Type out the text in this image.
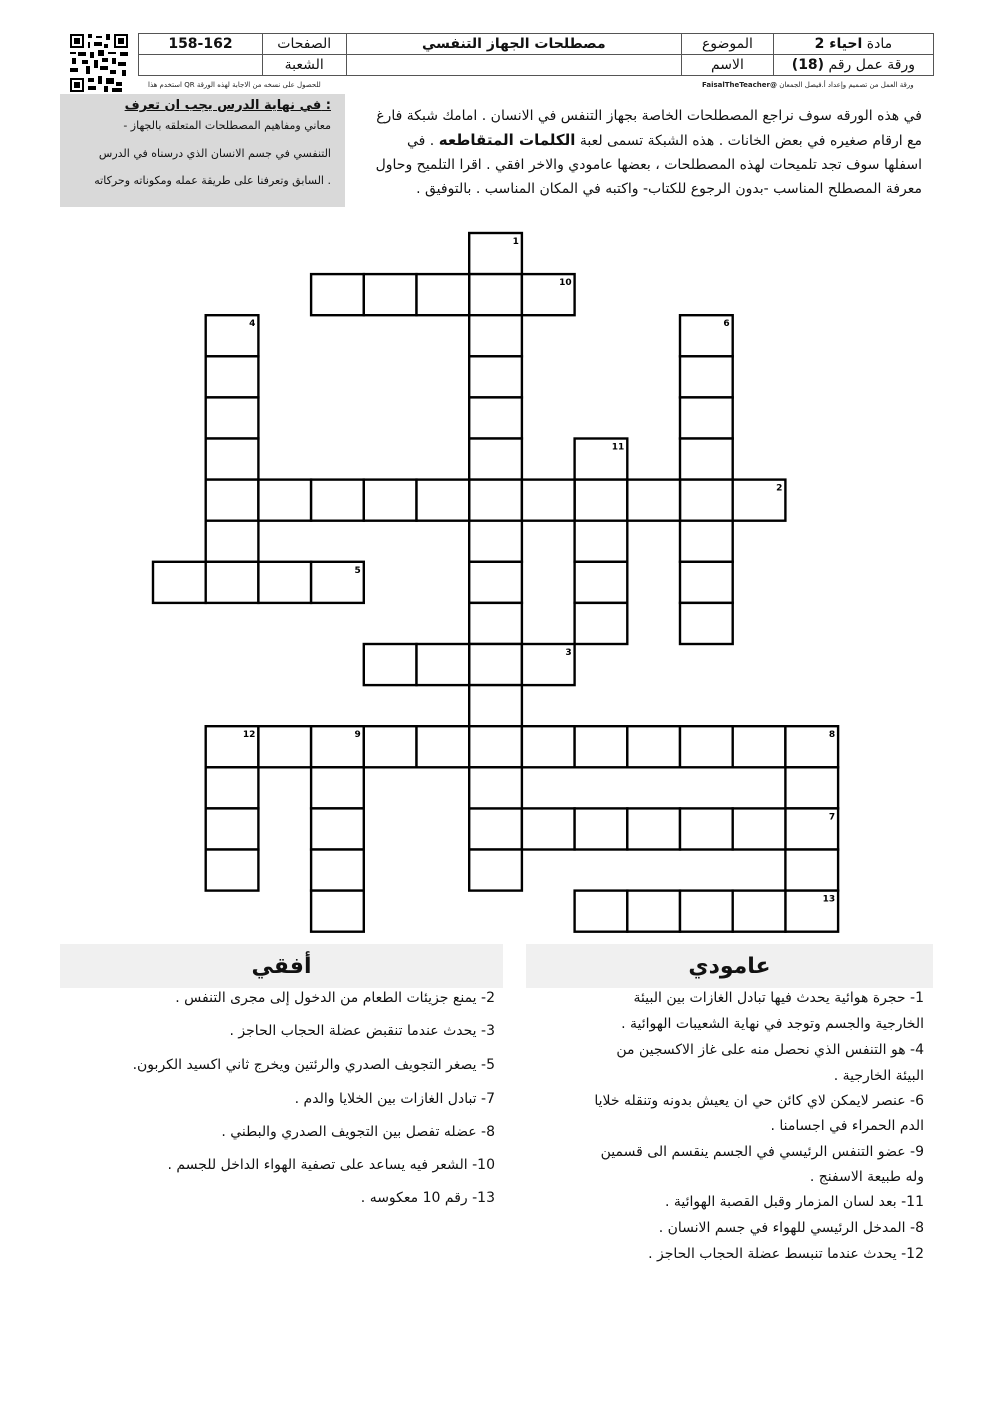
158-162	الصفحات	مصطلحات الجهاز التنفسي	الموضوع	مادة احياء 2
	الشعبة		الاسم	ورقة عمل رقم (18)
استخدم هذا QR للحصول على نسخه من الاجابة لهذه الورقة	ورقة العمل من تصميم وإعداد أ.فيصل الجمعان @FaisalTheTeacher
في نهاية الدرس يجب ان تعرف :
- معاني ومفاهيم المصطلحات المتعلقه بالجهاز
التنفسي في جسم الانسان الذي درسناه في الدرس
السابق وتعرفنا على طريقة عمله ومكوناته وحركاته .
في هذه الورقه سوف نراجع المصطلحات الخاصة بجهاز التنفس في الانسان . امامك شبكة فارغ مع ارقام صغيره في بعض الخانات . هذه الشبكة تسمى لعبة الكلمات المتقاطعه . في اسفلها سوف تجد تلميحات لهذه المصطلحات ، بعضها عامودي والاخر افقي . اقرا التلميح وحاول معرفة المصطلح المناسب -بدون الرجوع للكتاب- واكتبه في المكان المناسب . بالتوفيق .
1
10
4	6
11
2
5
3
12	9	8
7
13
عامودي
أفقي
1- حجرة هوائية يحدث فيها تبادل الغازات بين البيئة
الخارجية والجسم وتوجد في نهاية الشعيبات الهوائية .
4- هو التنفس الذي نحصل منه على غاز الاكسجين من
البيئة الخارجية .
6- عنصر لايمكن لاي كائن حي ان يعيش بدونه وتنقله خلايا
الدم الحمراء في اجسامنا .
9- عضو التنفس الرئيسي في الجسم ينقسم الى قسمين
وله طبيعة الاسفنج .
11- بعد لسان المزمار وقبل القصبة الهوائية .
8- المدخل الرئيسي للهواء في جسم الانسان .
12- يحدث عندما تنبسط عضلة الحجاب الحاجز .
2- يمنع جزيئات الطعام من الدخول إلى مجرى التنفس .
3- يحدث عندما تنقبض عضلة الحجاب الحاجز .
5- يصغر التجويف الصدري والرئتين ويخرج ثاني اكسيد الكربون.
7- تبادل الغازات بين الخلايا والدم .
8- عضله تفصل بين التجويف الصدري والبطني .
10- الشعر فيه يساعد على تصفية الهواء الداخل للجسم .
13- رقم 10 معكوسه .
